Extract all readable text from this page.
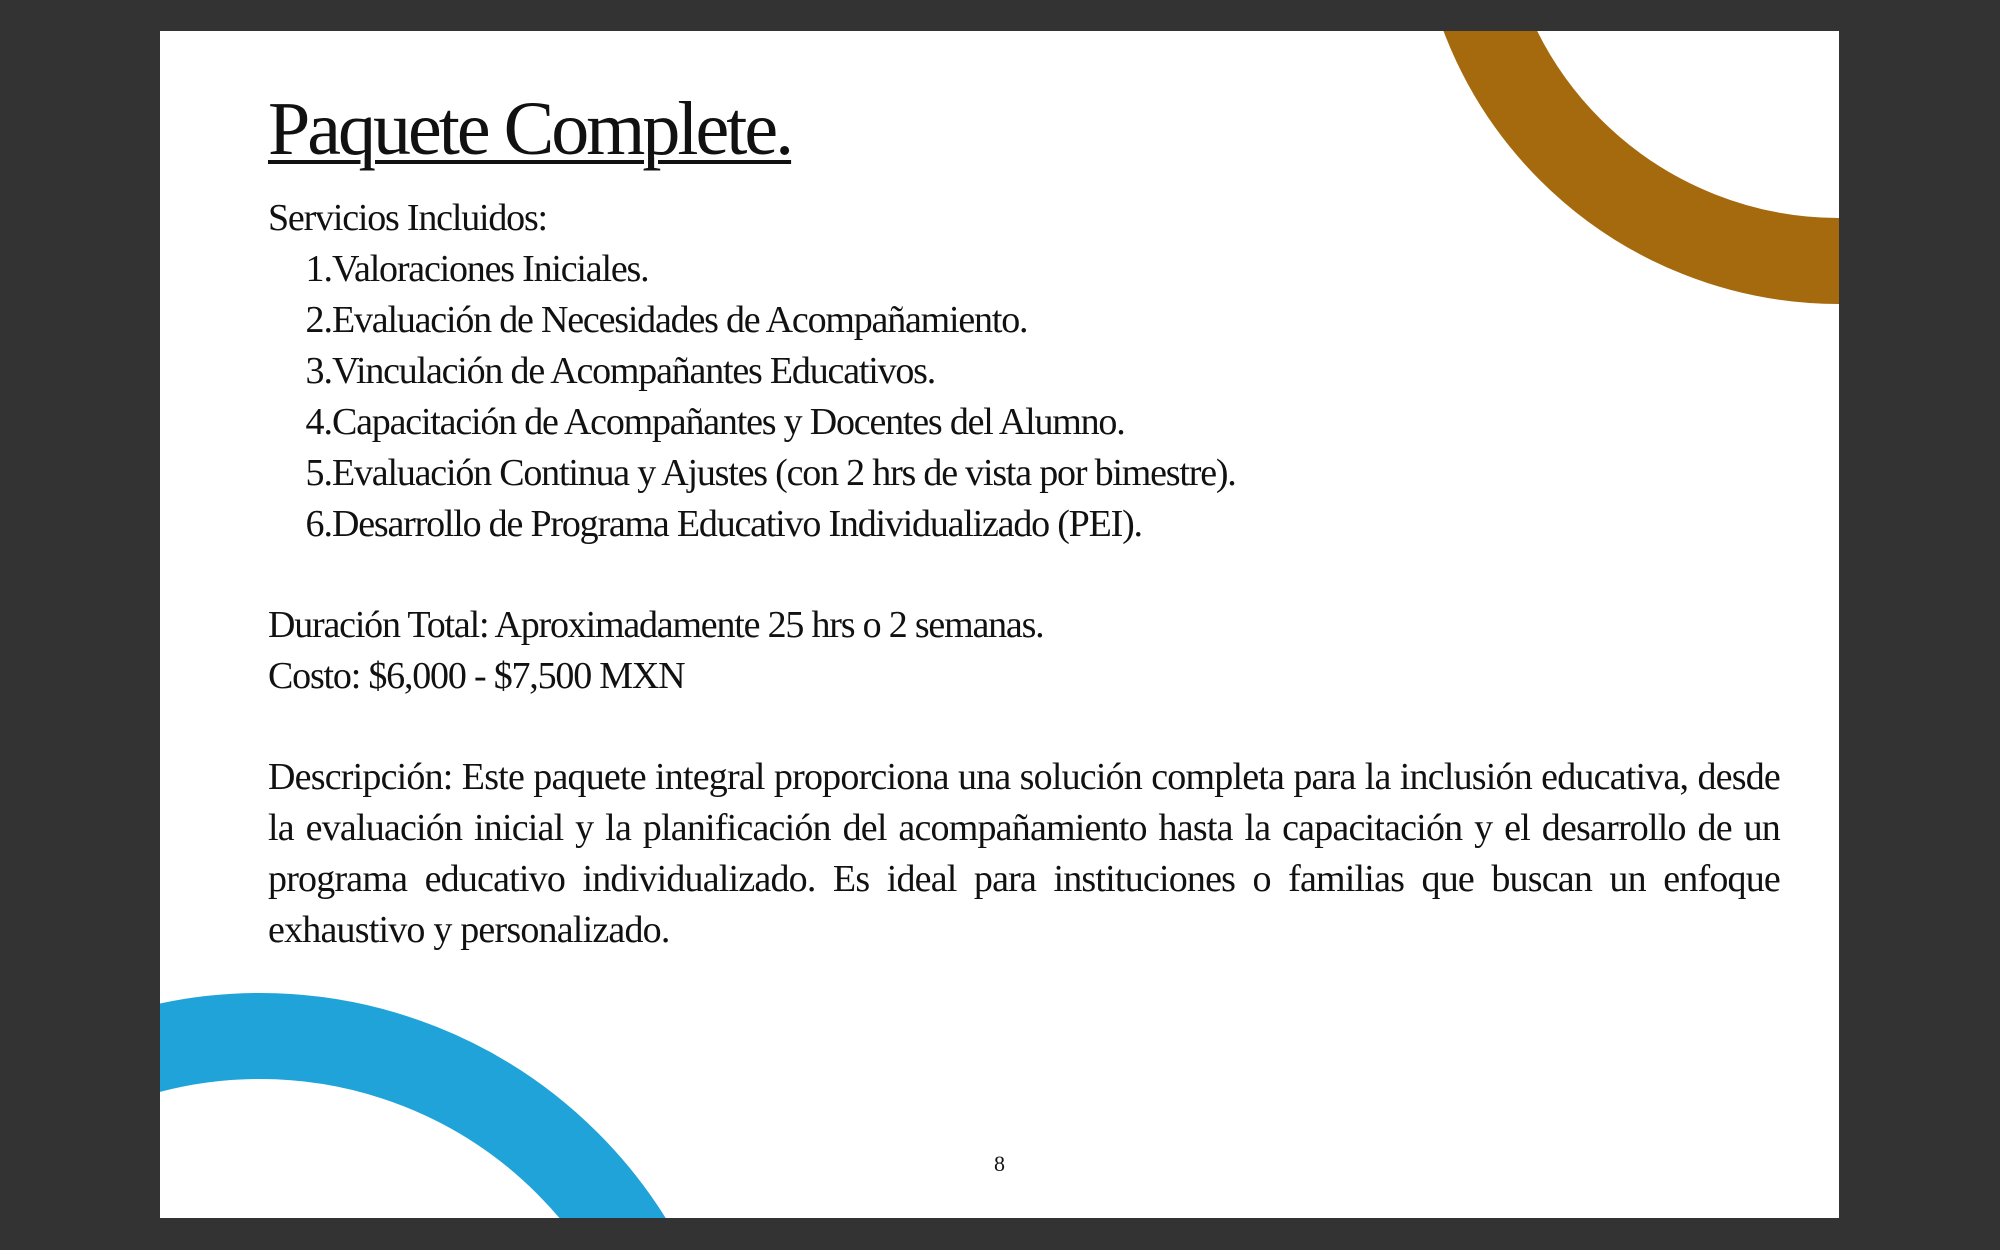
Paquete Complete.
Servicios Incluidos:
1. Valoraciones Iniciales.
2. Evaluación de Necesidades de Acompañamiento.
3. Vinculación de Acompañantes Educativos.
4. Capacitación de Acompañantes y Docentes del Alumno.
5. Evaluación Continua y Ajustes (con 2 hrs de vista por bimestre).
6. Desarrollo de Programa Educativo Individualizado (PEI).
Duración Total: Aproximadamente 25 hrs o 2 semanas.
Costo: $6,000 - $7,500 MXN
Descripción: Este paquete integral proporciona una solución completa para la inclusión educativa, desde la evaluación inicial y la planificación del acompañamiento hasta la capacitación y el desarrollo de un programa educativo individualizado. Es ideal para instituciones o familias que buscan un enfoque exhaustivo y personalizado.
8
